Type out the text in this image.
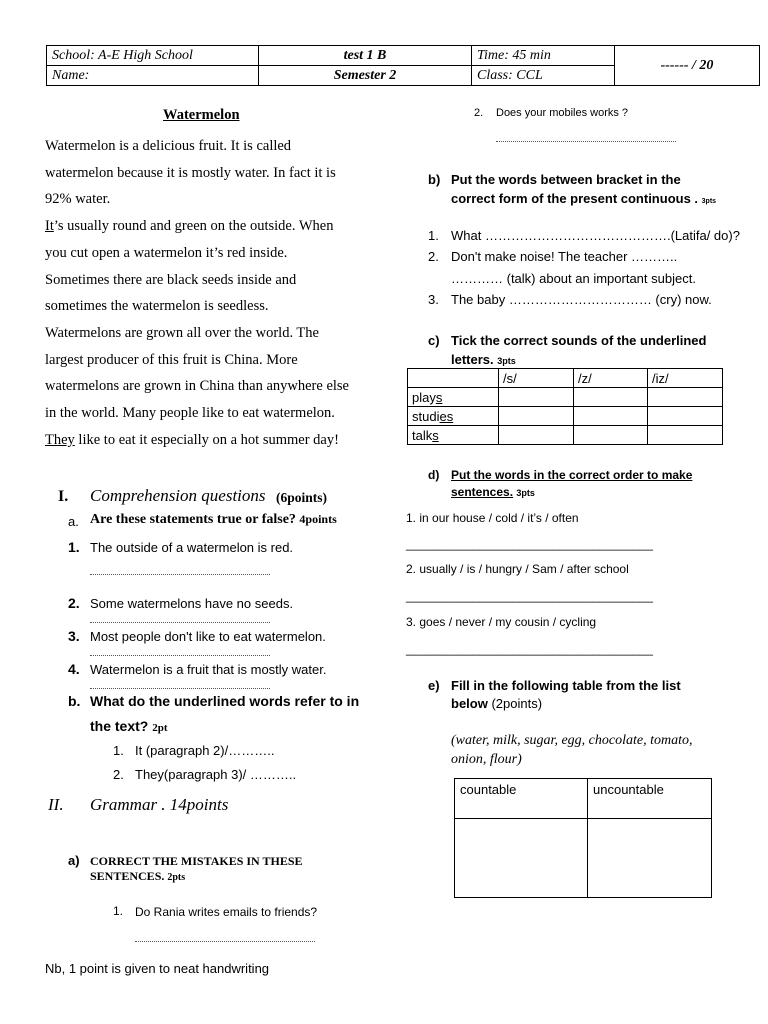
School: A-E High School	test 1 B	Time: 45 min	------ / 20
Name:	Semester 2	Class: CCL	
Watermelon

Watermelon is a delicious fruit. It is called

watermelon because it is mostly water. In fact it is

92% water.

It’s usually round and green on the outside. When

you cut open a watermelon it’s red inside.

Sometimes there are black seeds inside and

sometimes the watermelon is seedless.

Watermelons are grown all over the world. The

largest producer of this fruit is China. More

watermelons are grown in China than anywhere else

in the world. Many people like to eat watermelon.

They like to eat it especially on a hot summer day!

I. Comprehension questions (6points)
a. Are these statements true or false? 4points
1. The outside of a watermelon is red.
2. Some watermelons have no seeds.
3. Most people don't like to eat watermelon.
4. Watermelon is a fruit that is mostly water.
b. What do the underlined words refer to in
the text? 2pt
1. It (paragraph 2)/………..
2. They(paragraph 3)/ ………..
II. Grammar . 14points
a) CORRECT THE MISTAKES IN THESE
SENTENCES. 2pts
1. Do Rania writes emails to friends?
Nb, 1 point is given to neat handwriting
2. Does your mobiles works ?
b) Put the words between bracket in the
correct form of the present continuous . 3pts
1. What …………………………………….(Latifa/ do)?
2. Don't make noise! The teacher ………..
………… (talk) about an important subject.
3. The baby …………………………… (cry) now.
c) Tick the correct sounds of the underlined
letters. 3pts
	/s/	/z/	/iz/
plays			
studies			
talks			
d) Put the words in the correct order to make
sentences. 3pts
1. in our house / cold / it’s / often
_____________________________________
2. usually / is / hungry / Sam / after school
_____________________________________
3. goes / never / my cousin / cycling
_____________________________________
e) Fill in the following table from the list
below (2points)
(water, milk, sugar, egg, chocolate, tomato,
onion, flour)
countable	uncountable
